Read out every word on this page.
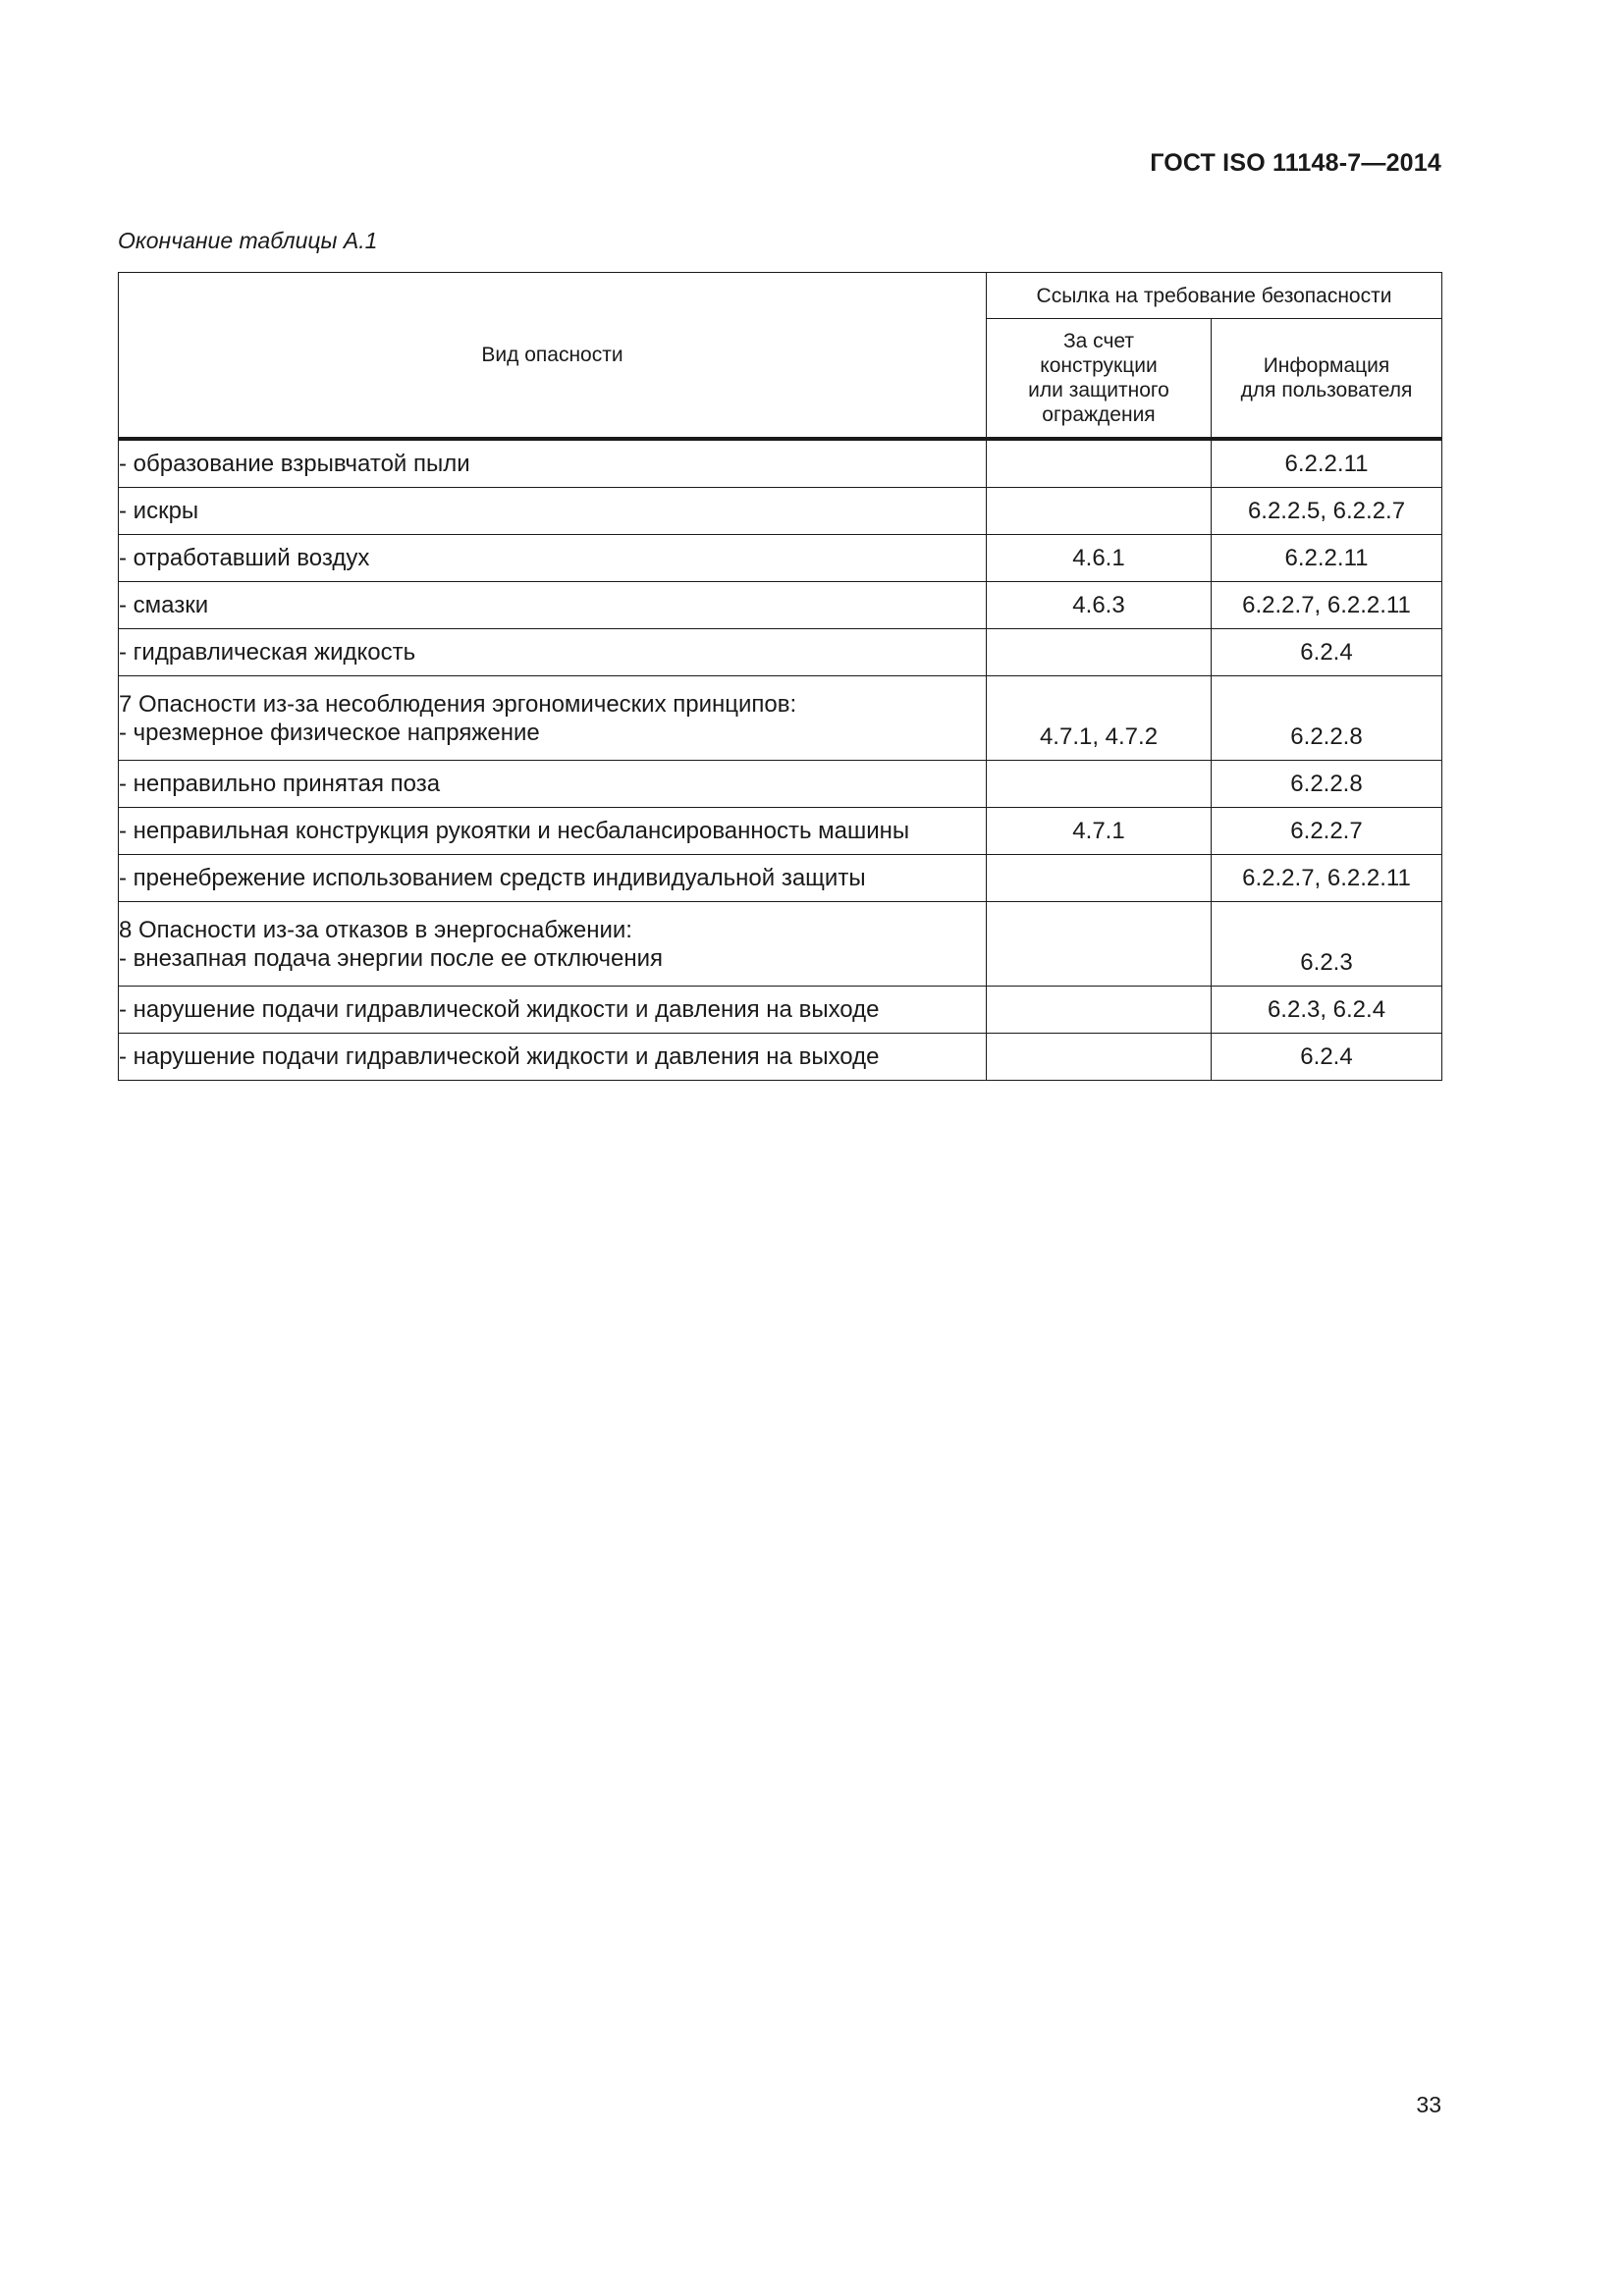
ГОСТ ISO 11148-7—2014
Окончание таблицы А.1
Вид опасности	Ссылка на требование безопасности	

	За счет
конструкции
или защитного
ограждения	Информация
для пользователя

- образование взрывчатой пыли		6.2.2.11

- искры		6.2.2.5, 6.2.2.7

- отработавший воздух	4.6.1	6.2.2.11

- смазки	4.6.3	6.2.2.7, 6.2.2.11

- гидравлическая жидкость		6.2.4

7 Опасности из-за несоблюдения эргономических принципов:
- чрезмерное физическое напряжение	4.7.1, 4.7.2	6.2.2.8

- неправильно принятая поза		6.2.2.8

- неправильная конструкция рукоятки и несбалансированность машины	4.7.1	6.2.2.7

- пренебрежение использованием средств индивидуальной защиты		6.2.2.7, 6.2.2.11

8 Опасности из-за отказов в энергоснабжении:
- внезапная подача энергии после ее отключения		6.2.3

- нарушение подачи гидравлической жидкости и давления на выходе		6.2.3, 6.2.4

- нарушение подачи гидравлической жидкости и давления на выходе		6.2.4
33
